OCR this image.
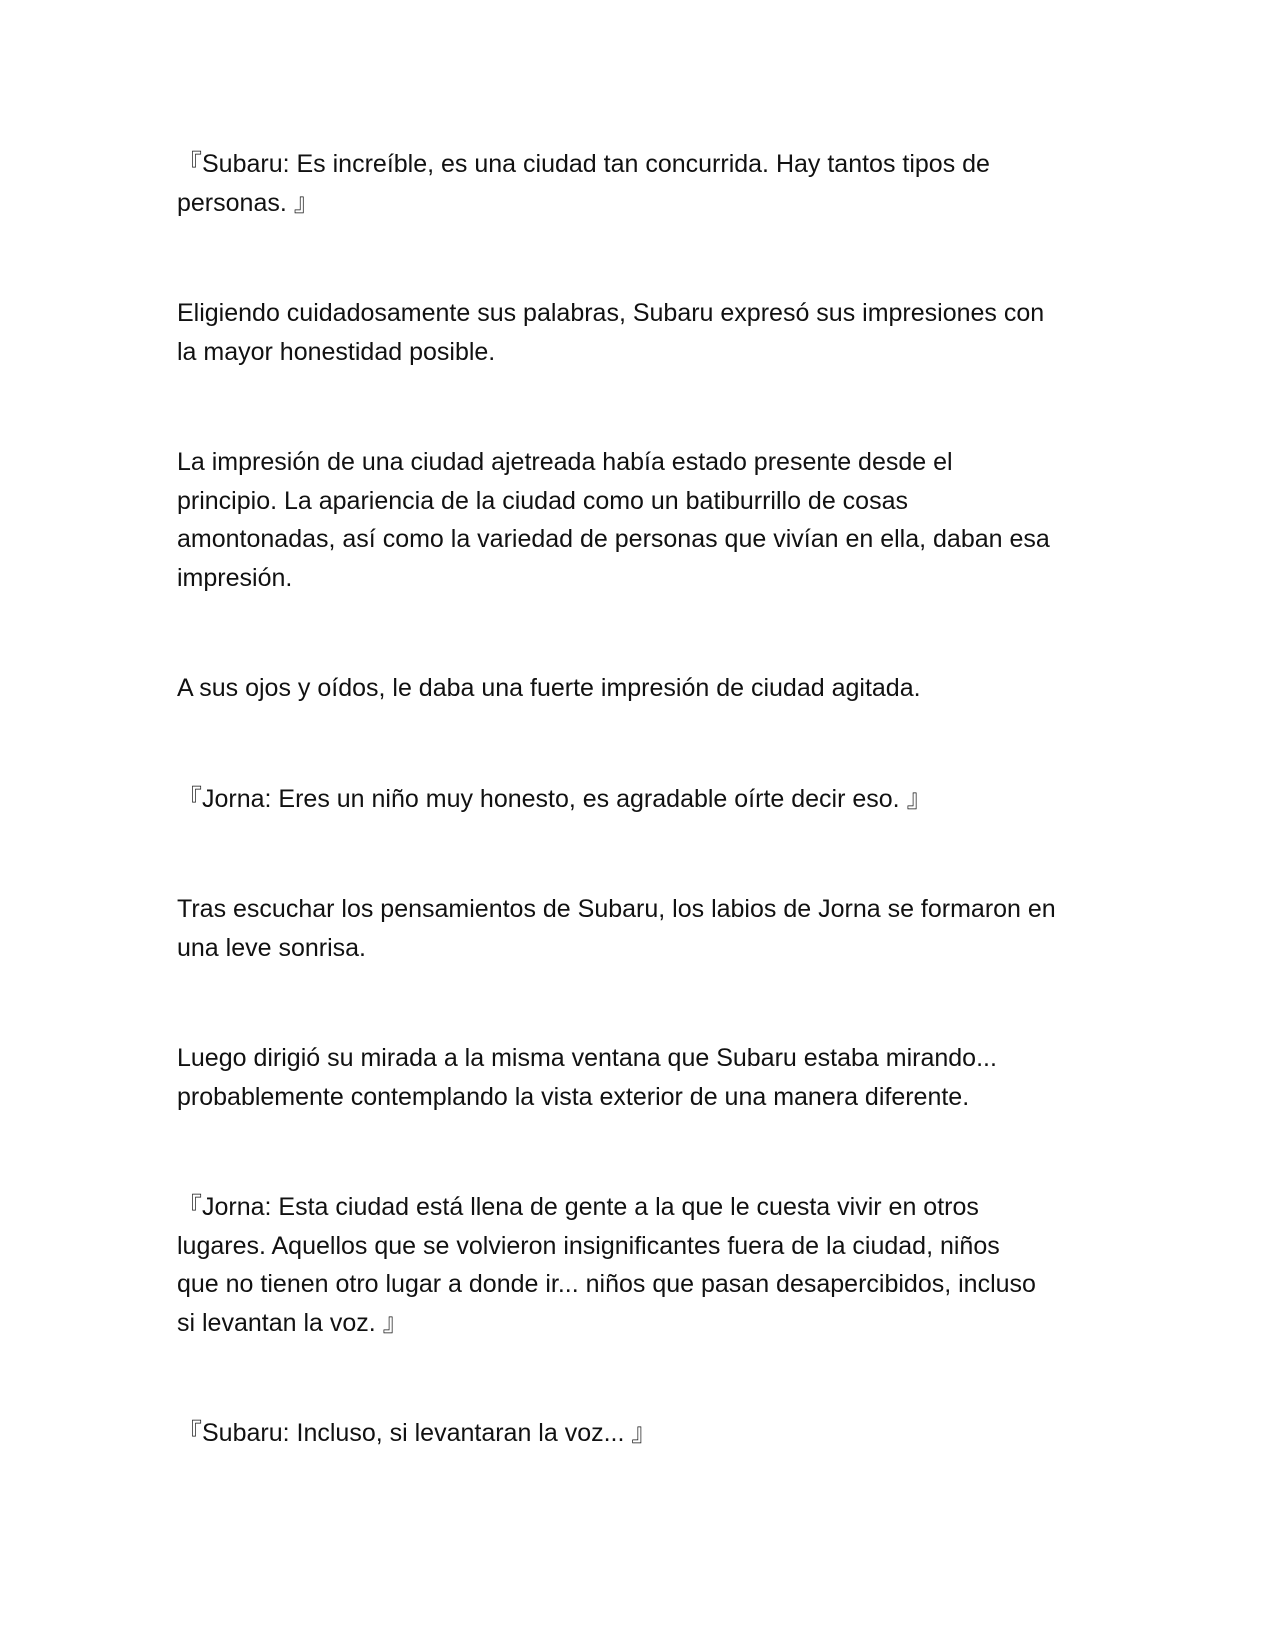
『Subaru: Es increíble, es una ciudad tan concurrida. Hay tantos tipos de
personas. 』

Eligiendo cuidadosamente sus palabras, Subaru expresó sus impresiones con
la mayor honestidad posible.

La impresión de una ciudad ajetreada había estado presente desde el
principio. La apariencia de la ciudad como un batiburrillo de cosas
amontonadas, así como la variedad de personas que vivían en ella, daban esa
impresión.

A sus ojos y oídos, le daba una fuerte impresión de ciudad agitada.

『Jorna: Eres un niño muy honesto, es agradable oírte decir eso. 』

Tras escuchar los pensamientos de Subaru, los labios de Jorna se formaron en
una leve sonrisa.

Luego dirigió su mirada a la misma ventana que Subaru estaba mirando...
probablemente contemplando la vista exterior de una manera diferente.

『Jorna: Esta ciudad está llena de gente a la que le cuesta vivir en otros
lugares. Aquellos que se volvieron insignificantes fuera de la ciudad, niños
que no tienen otro lugar a donde ir... niños que pasan desapercibidos, incluso
si levantan la voz. 』

『Subaru: Incluso, si levantaran la voz... 』
